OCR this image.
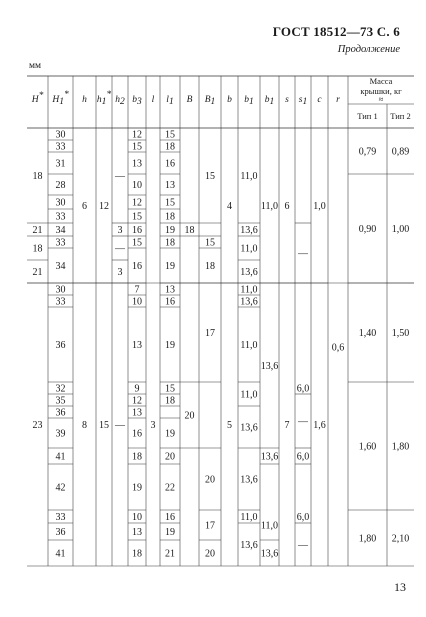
ГОСТ 18512—73 С. 6
Продолжение
мм
H* H1* h h1* h2 b3 l l1 B B1 b b1 b1 s s1 c r
Масса
крышки, кг
≈
Тип 1 Тип 2
18
21
18
21
23
30
33
31
28
30
33
34
33
34
30
33
36
32
35
36
39
41
42
33
36
41
6
8
12
15
—
3
—
3
—
12
15
13
10
12
15
16
15
16
7
10
13
9
12
13
16
18
19
10
13
18
3
15
18
16
13
15
18
19
18
19
13
16
19
15
18
19
20
22
16
19
21
18
20
15
15
18
17
20
17
20
4
5
11,0
13,6
11,0
13,6
11,0
13,6
11,0
11,0
13,6
13,6
11,0
13,6
11,0
13,6
13,6
11,0
13,6
6
7
—
6,0
—
6,0
6,0
—
1,0
1,6
0,6
0,79
0,90
1,40
1,60
1,80
0,89
1,00
1,50
1,80
2,10
13
